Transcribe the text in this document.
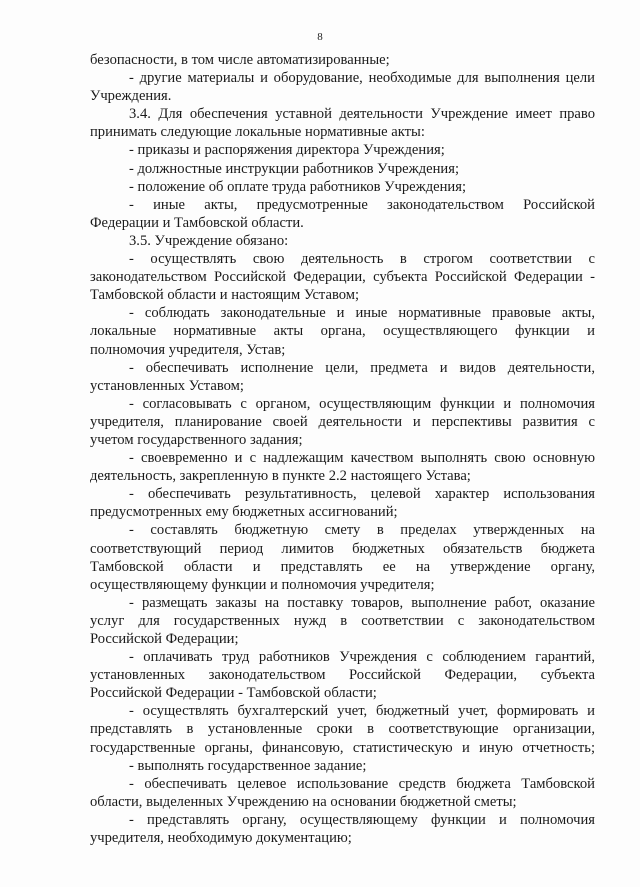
8
безопасности, в том числе автоматизированные;
- другие материалы и оборудование, необходимые для выполнения цели
Учреждения.
3.4. Для обеспечения уставной деятельности Учреждение имеет право
принимать следующие локальные нормативные акты:
- приказы и распоряжения директора Учреждения;
- должностные инструкции работников Учреждения;
- положение об оплате труда работников Учреждения;
- иные акты, предусмотренные законодательством Российской
Федерации и Тамбовской области.
3.5. Учреждение обязано:
- осуществлять свою деятельность в строгом соответствии с
законодательством Российской Федерации, субъекта Российской Федерации -
Тамбовской области и настоящим Уставом;
- соблюдать законодательные и иные нормативные правовые акты,
локальные нормативные акты органа, осуществляющего функции и
полномочия учредителя, Устав;
- обеспечивать исполнение цели, предмета и видов деятельности,
установленных Уставом;
- согласовывать с органом, осуществляющим функции и полномочия
учредителя, планирование своей деятельности и перспективы развития с
учетом государственного задания;
- своевременно и с надлежащим качеством выполнять свою основную
деятельность, закрепленную в пункте 2.2 настоящего Устава;
- обеспечивать результативность, целевой характер использования
предусмотренных ему бюджетных ассигнований;
- составлять бюджетную смету в пределах утвержденных на
соответствующий период лимитов бюджетных обязательств бюджета
Тамбовской области и представлять ее на утверждение органу,
осуществляющему функции и полномочия учредителя;
- размещать заказы на поставку товаров, выполнение работ, оказание
услуг для государственных нужд в соответствии с законодательством
Российской Федерации;
- оплачивать труд работников Учреждения с соблюдением гарантий,
установленных законодательством Российской Федерации, субъекта
Российской Федерации - Тамбовской области;
- осуществлять бухгалтерский учет, бюджетный учет, формировать и
представлять в установленные сроки в соответствующие организации,
государственные органы, финансовую, статистическую и иную отчетность;
- выполнять государственное задание;
- обеспечивать целевое использование средств бюджета Тамбовской
области, выделенных Учреждению на основании бюджетной сметы;
- представлять органу, осуществляющему функции и полномочия
учредителя, необходимую документацию;
